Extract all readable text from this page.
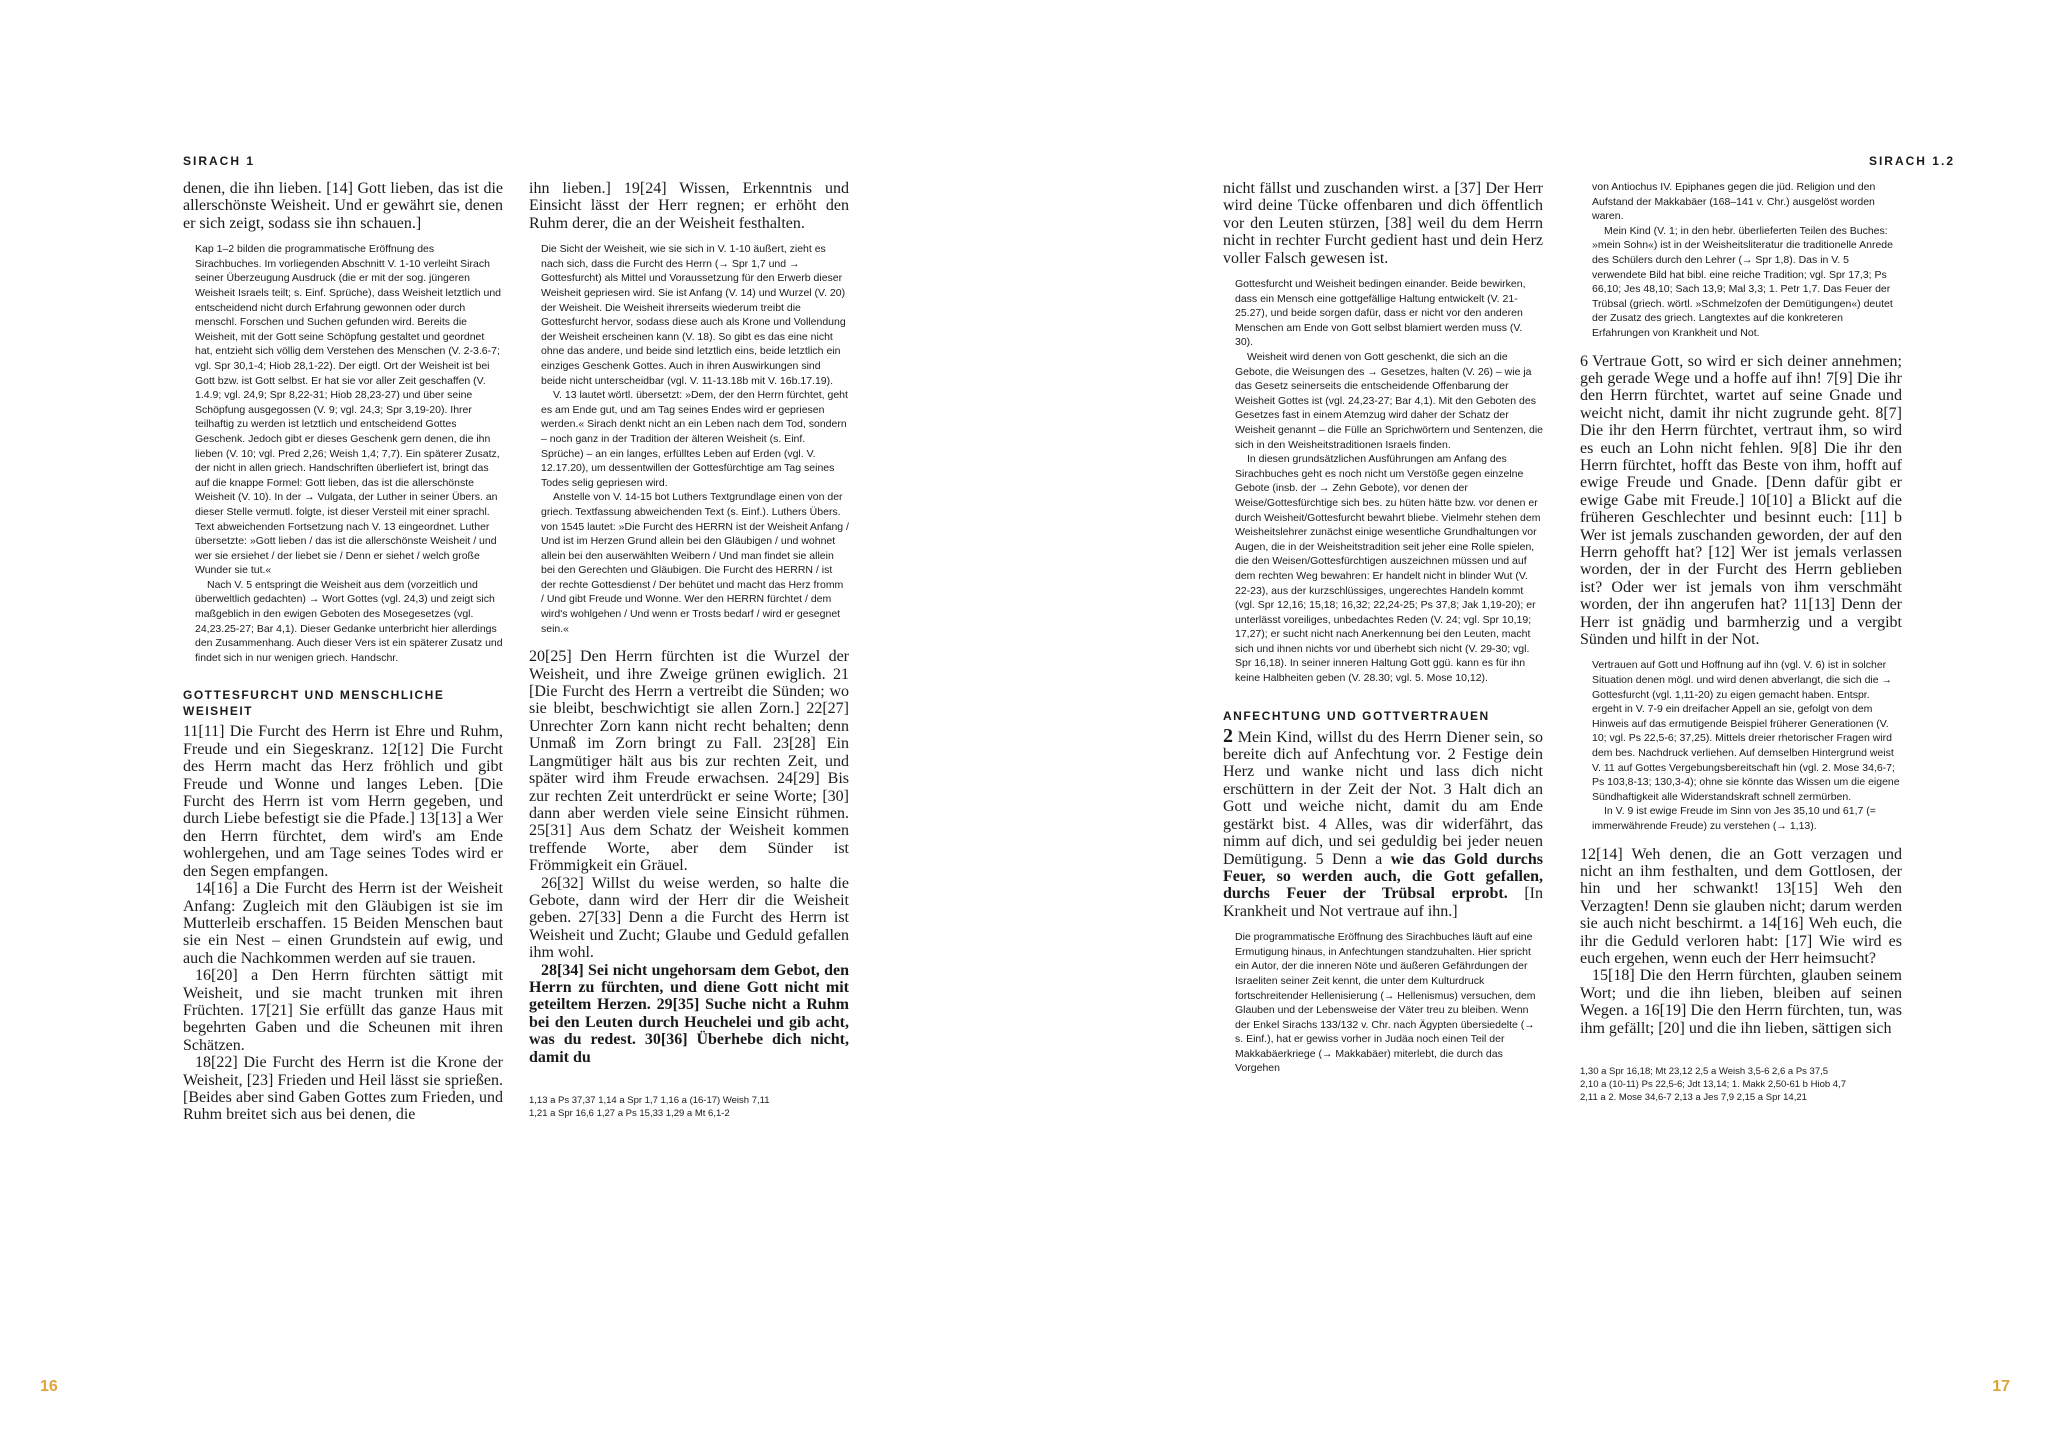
SIRACH 1	SIRACH 1.2

denen, die ihn lieben. [14] Gott lieben, das ist die allerschönste Weisheit. Und er gewährt sie, denen er sich zeigt, sodass sie ihn schauen.]

Kap 1–2 bilden die programmatische Eröffnung des Sirachbuches. Im vorliegenden Abschnitt V. 1-10 verleiht Sirach seiner Überzeugung Ausdruck (die er mit der sog. jüngeren Weisheit Israels teilt; s. Einf. Sprüche), dass Weisheit letztlich und entscheidend nicht durch Erfahrung gewonnen oder durch menschl. Forschen und Suchen gefunden wird. Bereits die Weisheit, mit der Gott seine Schöpfung gestaltet und geordnet hat, entzieht sich völlig dem Verstehen des Menschen (V. 2-3.6-7; vgl. Spr 30,1-4; Hiob 28,1-22). Der eigtl. Ort der Weisheit ist bei Gott bzw. ist Gott selbst. Er hat sie vor aller Zeit geschaffen (V. 1.4.9; vgl. 24,9; Spr 8,22-31; Hiob 28,23-27) und über seine Schöpfung ausgegossen (V. 9; vgl. 24,3; Spr 3,19-20). Ihrer teilhaftig zu werden ist letztlich und entscheidend Gottes Geschenk. Jedoch gibt er dieses Geschenk gern denen, die ihn lieben (V. 10; vgl. Pred 2,26; Weish 1,4; 7,7). Ein späterer Zusatz, der nicht in allen griech. Handschriften überliefert ist, bringt das auf die knappe Formel: Gott lieben, das ist die allerschönste Weisheit (V. 10). In der → Vulgata, der Luther in seiner Übers. an dieser Stelle vermutl. folgte, ist dieser Versteil mit einer sprachl. Text abweichenden Fortsetzung nach V. 13 eingeordnet. Luther übersetzte: »Gott lieben / das ist die allerschönste Weisheit / und wer sie ersiehet / der liebet sie / Denn er siehet / welch große Wunder sie tut.«

Nach V. 5 entspringt die Weisheit aus dem (vorzeitlich und überweltlich gedachten) → Wort Gottes (vgl. 24,3) und zeigt sich maßgeblich in den ewigen Geboten des Mosegesetzes (vgl. 24,23.25-27; Bar 4,1). Dieser Gedanke unterbricht hier allerdings den Zusammenhang. Auch dieser Vers ist ein späterer Zusatz und findet sich in nur wenigen griech. Handschr.

GOTTESFURCHT UND MENSCHLICHE WEISHEIT

11[11] Die Furcht des Herrn ist Ehre und Ruhm, Freude und ein Siegeskranz. 12[12] Die Furcht des Herrn macht das Herz fröhlich und gibt Freude und Wonne und langes Leben. [Die Furcht des Herrn ist vom Herrn gegeben, und durch Liebe befestigt sie die Pfade.] 13[13] a Wer den Herrn fürchtet, dem wird's am Ende wohlergehen, und am Tage seines Todes wird er den Segen empfangen.

14[16] a Die Furcht des Herrn ist der Weisheit Anfang: Zugleich mit den Gläubigen ist sie im Mutterleib erschaffen. 15 Beiden Menschen baut sie ein Nest – einen Grundstein auf ewig, und auch die Nachkommen werden auf sie trauen.

16[20] a Den Herrn fürchten sättigt mit Weisheit, und sie macht trunken mit ihren Früchten. 17[21] Sie erfüllt das ganze Haus mit begehrten Gaben und die Scheunen mit ihren Schätzen.

18[22] Die Furcht des Herrn ist die Krone der Weisheit, [23] Frieden und Heil lässt sie sprießen. [Beides aber sind Gaben Gottes zum Frieden, und Ruhm breitet sich aus bei denen, die

ihn lieben.] 19[24] Wissen, Erkenntnis und Einsicht lässt der Herr regnen; er erhöht den Ruhm derer, die an der Weisheit festhalten.

Die Sicht der Weisheit, wie sie sich in V. 1-10 äußert, zieht es nach sich, dass die Furcht des Herrn (→ Spr 1,7 und → Gottesfurcht) als Mittel und Voraussetzung für den Erwerb dieser Weisheit gepriesen wird. Sie ist Anfang (V. 14) und Wurzel (V. 20) der Weisheit. Die Weisheit ihrerseits wiederum treibt die Gottesfurcht hervor, sodass diese auch als Krone und Vollendung der Weisheit erscheinen kann (V. 18). So gibt es das eine nicht ohne das andere, und beide sind letztlich eins, beide letztlich ein einziges Geschenk Gottes. Auch in ihren Auswirkungen sind beide nicht unterscheidbar (vgl. V. 11-13.18b mit V. 16b.17.19).

V. 13 lautet wörtl. übersetzt: »Dem, der den Herrn fürchtet, geht es am Ende gut, und am Tag seines Endes wird er gepriesen werden.« Sirach denkt nicht an ein Leben nach dem Tod, sondern – noch ganz in der Tradition der älteren Weisheit (s. Einf. Sprüche) – an ein langes, erfülltes Leben auf Erden (vgl. V. 12.17.20), um dessentwillen der Gottesfürchtige am Tag seines Todes selig gepriesen wird.

Anstelle von V. 14-15 bot Luthers Textgrundlage einen von der griech. Textfassung abweichenden Text (s. Einf.). Luthers Übers. von 1545 lautet: »Die Furcht des HERRN ist der Weisheit Anfang / Und ist im Herzen Grund allein bei den Gläubigen / und wohnet allein bei den auserwählten Weibern / Und man findet sie allein bei den Gerechten und Gläubigen. Die Furcht des HERRN / ist der rechte Gottesdienst / Der behütet und macht das Herz fromm / Und gibt Freude und Wonne. Wer den HERRN fürchtet / dem wird's wohlgehen / Und wenn er Trosts bedarf / wird er gesegnet sein.«

20[25] Den Herrn fürchten ist die Wurzel der Weisheit, und ihre Zweige grünen ewiglich. 21 [Die Furcht des Herrn a vertreibt die Sünden; wo sie bleibt, beschwichtigt sie allen Zorn.] 22[27] Unrechter Zorn kann nicht recht behalten; denn Unmaß im Zorn bringt zu Fall. 23[28] Ein Langmütiger hält aus bis zur rechten Zeit, und später wird ihm Freude erwachsen. 24[29] Bis zur rechten Zeit unterdrückt er seine Worte; [30] dann aber werden viele seine Einsicht rühmen. 25[31] Aus dem Schatz der Weisheit kommen treffende Worte, aber dem Sünder ist Frömmigkeit ein Gräuel.

26[32] Willst du weise werden, so halte die Gebote, dann wird der Herr dir die Weisheit geben. 27[33] Denn a die Furcht des Herrn ist Weisheit und Zucht; Glaube und Geduld gefallen ihm wohl.

28[34] Sei nicht ungehorsam dem Gebot, den Herrn zu fürchten, und diene Gott nicht mit geteiltem Herzen. 29[35] Suche nicht a Ruhm bei den Leuten durch Heuchelei und gib acht, was du redest. 30[36] Überhebe dich nicht, damit du

1,13 a Ps 37,37 1,14 a Spr 1,7 1,16 a (16-17) Weish 7,11
1,21 a Spr 16,6 1,27 a Ps 15,33 1,29 a Mt 6,1-2

nicht fällst und zuschanden wirst. a [37] Der Herr wird deine Tücke offenbaren und dich öffentlich vor den Leuten stürzen, [38] weil du dem Herrn nicht in rechter Furcht gedient hast und dein Herz voller Falsch gewesen ist.

Gottesfurcht und Weisheit bedingen einander. Beide bewirken, dass ein Mensch eine gottgefällige Haltung entwickelt (V. 21-25.27), und beide sorgen dafür, dass er nicht vor den anderen Menschen am Ende von Gott selbst blamiert werden muss (V. 30).

Weisheit wird denen von Gott geschenkt, die sich an die Gebote, die Weisungen des → Gesetzes, halten (V. 26) – wie ja das Gesetz seinerseits die entscheidende Offenbarung der Weisheit Gottes ist (vgl. 24,23-27; Bar 4,1). Mit den Geboten des Gesetzes fast in einem Atemzug wird daher der Schatz der Weisheit genannt – die Fülle an Sprichwörtern und Sentenzen, die sich in den Weisheitstraditionen Israels finden.

In diesen grundsätzlichen Ausführungen am Anfang des Sirachbuches geht es noch nicht um Verstöße gegen einzelne Gebote (insb. der → Zehn Gebote), vor denen der Weise/Gottesfürchtige sich bes. zu hüten hätte bzw. vor denen er durch Weisheit/Gottesfurcht bewahrt bliebe. Vielmehr stehen dem Weisheitslehrer zunächst einige wesentliche Grundhaltungen vor Augen, die in der Weisheitstradition seit jeher eine Rolle spielen, die den Weisen/Gottesfürchtigen auszeichnen müssen und auf dem rechten Weg bewahren: Er handelt nicht in blinder Wut (V. 22-23), aus der kurzschlüssiges, ungerechtes Handeln kommt (vgl. Spr 12,16; 15,18; 16,32; 22,24-25; Ps 37,8; Jak 1,19-20); er unterlässt voreiliges, unbedachtes Reden (V. 24; vgl. Spr 10,19; 17,27); er sucht nicht nach Anerkennung bei den Leuten, macht sich und ihnen nichts vor und überhebt sich nicht (V. 29-30; vgl. Spr 16,18). In seiner inneren Haltung Gott ggü. kann es für ihn keine Halbheiten geben (V. 28.30; vgl. 5. Mose 10,12).

ANFECHTUNG UND GOTTVERTRAUEN

2 Mein Kind, willst du des Herrn Diener sein, so bereite dich auf Anfechtung vor. 2 Festige dein Herz und wanke nicht und lass dich nicht erschüttern in der Zeit der Not. 3 Halt dich an Gott und weiche nicht, damit du am Ende gestärkt bist. 4 Alles, was dir widerfährt, das nimm auf dich, und sei geduldig bei jeder neuen Demütigung. 5 Denn a wie das Gold durchs Feuer, so werden auch, die Gott gefallen, durchs Feuer der Trübsal erprobt. [In Krankheit und Not vertraue auf ihn.]

Die programmatische Eröffnung des Sirachbuches läuft auf eine Ermutigung hinaus, in Anfechtungen standzuhalten. Hier spricht ein Autor, der die inneren Nöte und äußeren Gefährdungen der Israeliten seiner Zeit kennt, die unter dem Kulturdruck fortschreitender Hellenisierung (→ Hellenismus) versuchen, dem Glauben und der Lebensweise der Väter treu zu bleiben. Wenn der Enkel Sirachs 133/132 v. Chr. nach Ägypten übersiedelte (→ s. Einf.), hat er gewiss vorher in Judäa noch einen Teil der Makkabäerkriege (→ Makkabäer) miterlebt, die durch das Vorgehen

von Antiochus IV. Epiphanes gegen die jüd. Religion und den Aufstand der Makkabäer (168–141 v. Chr.) ausgelöst worden waren.

Mein Kind (V. 1; in den hebr. überlieferten Teilen des Buches: »mein Sohn«) ist in der Weisheitsliteratur die traditionelle Anrede des Schülers durch den Lehrer (→ Spr 1,8). Das in V. 5 verwendete Bild hat bibl. eine reiche Tradition; vgl. Spr 17,3; Ps 66,10; Jes 48,10; Sach 13,9; Mal 3,3; 1. Petr 1,7. Das Feuer der Trübsal (griech. wörtl. »Schmelzofen der Demütigungen«) deutet der Zusatz des griech. Langtextes auf die konkreteren Erfahrungen von Krankheit und Not.

6 Vertraue Gott, so wird er sich deiner annehmen; geh gerade Wege und a hoffe auf ihn! 7[9] Die ihr den Herrn fürchtet, wartet auf seine Gnade und weicht nicht, damit ihr nicht zugrunde geht. 8[7] Die ihr den Herrn fürchtet, vertraut ihm, so wird es euch an Lohn nicht fehlen. 9[8] Die ihr den Herrn fürchtet, hofft das Beste von ihm, hofft auf ewige Freude und Gnade. [Denn dafür gibt er ewige Gabe mit Freude.] 10[10] a Blickt auf die früheren Geschlechter und besinnt euch: [11] b Wer ist jemals zuschanden geworden, der auf den Herrn gehofft hat? [12] Wer ist jemals verlassen worden, der in der Furcht des Herrn geblieben ist? Oder wer ist jemals von ihm verschmäht worden, der ihn angerufen hat? 11[13] Denn der Herr ist gnädig und barmherzig und a vergibt Sünden und hilft in der Not.

Vertrauen auf Gott und Hoffnung auf ihn (vgl. V. 6) ist in solcher Situation denen mögl. und wird denen abverlangt, die sich die → Gottesfurcht (vgl. 1,11-20) zu eigen gemacht haben. Entspr. ergeht in V. 7-9 ein dreifacher Appell an sie, gefolgt von dem Hinweis auf das ermutigende Beispiel früherer Generationen (V. 10; vgl. Ps 22,5-6; 37,25). Mittels dreier rhetorischer Fragen wird dem bes. Nachdruck verliehen. Auf demselben Hintergrund weist V. 11 auf Gottes Vergebungsbereitschaft hin (vgl. 2. Mose 34,6-7; Ps 103,8-13; 130,3-4); ohne sie könnte das Wissen um die eigene Sündhaftigkeit alle Widerstandskraft schnell zermürben.

In V. 9 ist ewige Freude im Sinn von Jes 35,10 und 61,7 (= immerwährende Freude) zu verstehen (→ 1,13).

12[14] Weh denen, die an Gott verzagen und nicht an ihm festhalten, und dem Gottlosen, der hin und her schwankt! 13[15] Weh den Verzagten! Denn sie glauben nicht; darum werden sie auch nicht beschirmt. a 14[16] Weh euch, die ihr die Geduld verloren habt: [17] Wie wird es euch ergehen, wenn euch der Herr heimsucht?

15[18] Die den Herrn fürchten, glauben seinem Wort; und die ihn lieben, bleiben auf seinen Wegen. a 16[19] Die den Herrn fürchten, tun, was ihm gefällt; [20] und die ihn lieben, sättigen sich

1,30 a Spr 16,18; Mt 23,12 2,5 a Weish 3,5-6 2,6 a Ps 37,5
2,10 a (10-11) Ps 22,5-6; Jdt 13,14; 1. Makk 2,50-61 b Hiob 4,7
2,11 a 2. Mose 34,6-7 2,13 a Jes 7,9 2,15 a Spr 14,21
16	17
